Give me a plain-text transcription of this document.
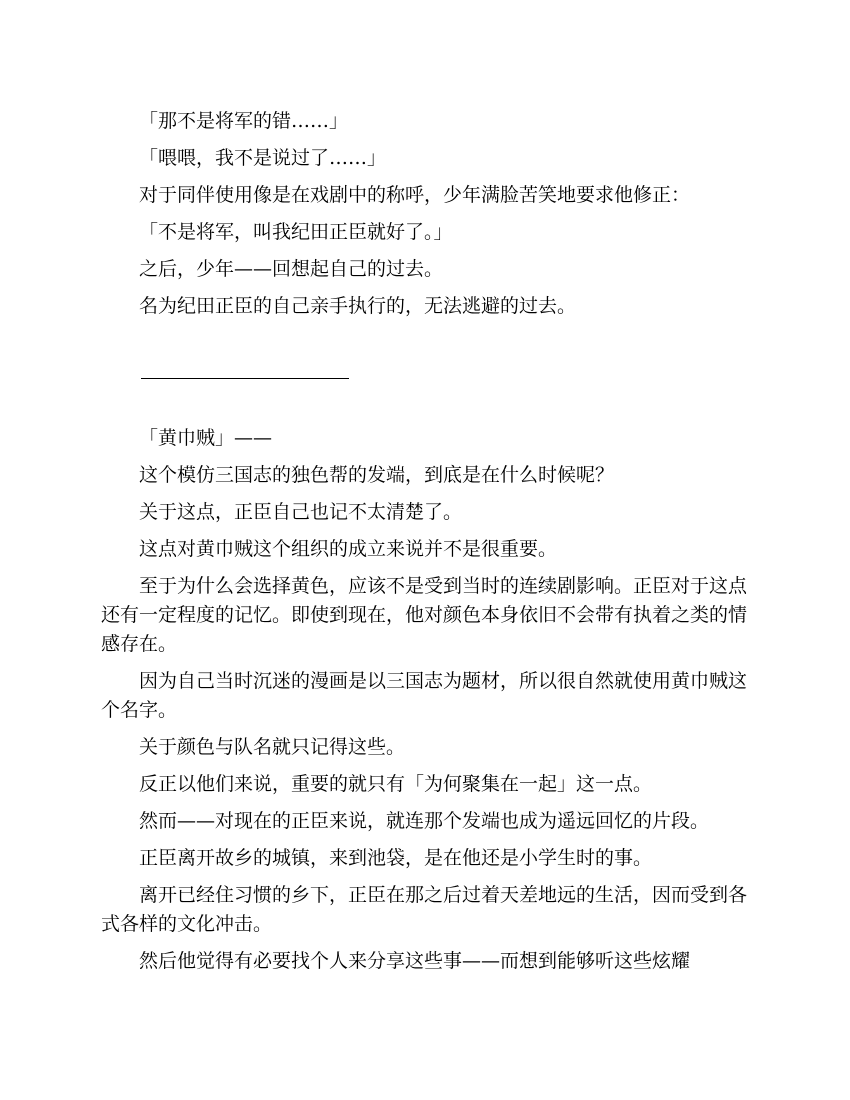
「那不是将军的错……」

「喂喂，我不是说过了……」

对于同伴使用像是在戏剧中的称呼，少年满脸苦笑地要求他修正：

「不是将军，叫我纪田正臣就好了。」

之后，少年——回想起自己的过去。

名为纪田正臣的自己亲手执行的，无法逃避的过去。

「黄巾贼」——

这个模仿三国志的独色帮的发端，到底是在什么时候呢？

关于这点，正臣自己也记不太清楚了。

这点对黄巾贼这个组织的成立来说并不是很重要。

至于为什么会选择黄色，应该不是受到当时的连续剧影响。正臣对于这点还有一定程度的记忆。即使到现在，他对颜色本身依旧不会带有执着之类的情感存在。

因为自己当时沉迷的漫画是以三国志为题材，所以很自然就使用黄巾贼这个名字。

关于颜色与队名就只记得这些。

反正以他们来说，重要的就只有「为何聚集在一起」这一点。

然而——对现在的正臣来说，就连那个发端也成为遥远回忆的片段。

正臣离开故乡的城镇，来到池袋，是在他还是小学生时的事。

离开已经住习惯的乡下，正臣在那之后过着天差地远的生活，因而受到各式各样的文化冲击。

然后他觉得有必要找个人来分享这些事——而想到能够听这些炫耀
